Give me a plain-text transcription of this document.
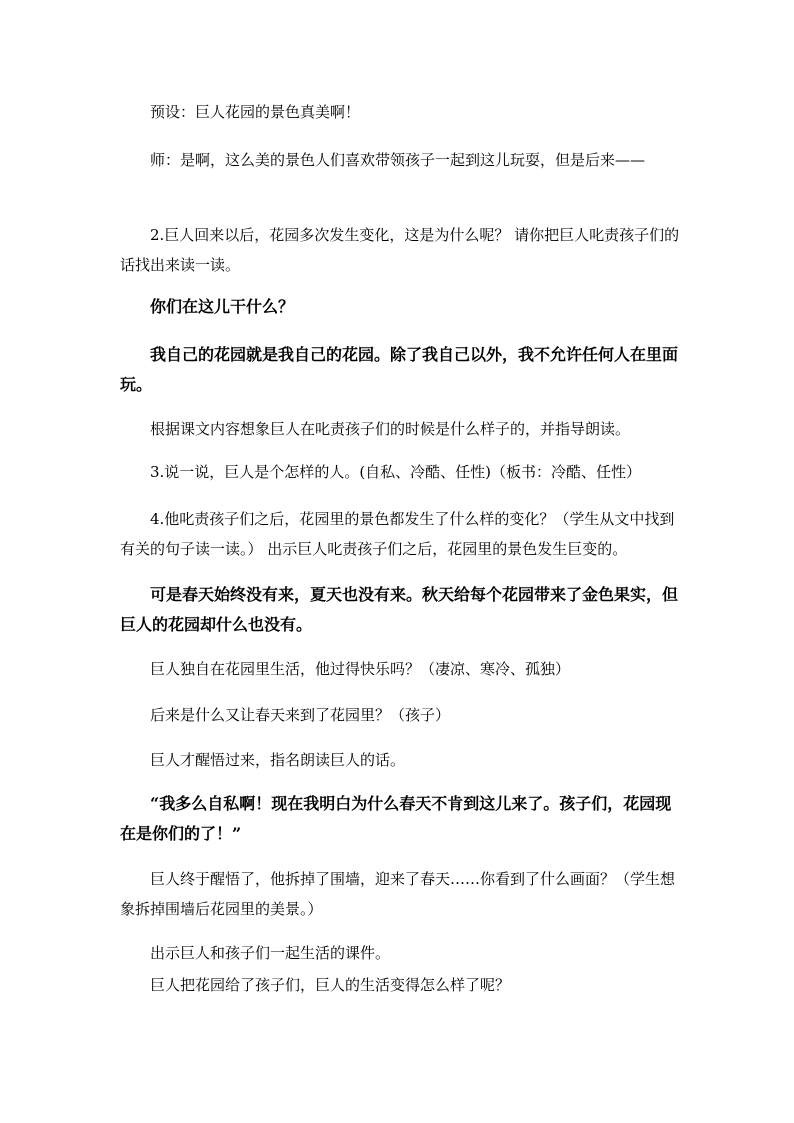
预设：巨人花园的景色真美啊！
师：是啊，这么美的景色人们喜欢带领孩子一起到这儿玩耍，但是后来——
2.巨人回来以后，花园多次发生变化，这是为什么呢？ 请你把巨人叱责孩子们的话找出来读一读。
你们在这儿干什么？
我自己的花园就是我自己的花园。除了我自己以外，我不允许任何人在里面玩。
根据课文内容想象巨人在叱责孩子们的时候是什么样子的，并指导朗读。
3.说一说，巨人是个怎样的人。(自私、冷酷、任性)（板书：冷酷、任性）
4.他叱责孩子们之后，花园里的景色都发生了什么样的变化？（学生从文中找到有关的句子读一读。） 出示巨人叱责孩子们之后，花园里的景色发生巨变的。
可是春天始终没有来，夏天也没有来。秋天给每个花园带来了金色果实，但巨人的花园却什么也没有。
巨人独自在花园里生活，他过得快乐吗？（凄凉、寒冷、孤独）
后来是什么又让春天来到了花园里？（孩子）
巨人才醒悟过来，指名朗读巨人的话。
“我多么自私啊！现在我明白为什么春天不肯到这儿来了。孩子们，花园现在是你们的了！”
巨人终于醒悟了，他拆掉了围墙，迎来了春天……你看到了什么画面？（学生想象拆掉围墙后花园里的美景。）
出示巨人和孩子们一起生活的课件。
巨人把花园给了孩子们，巨人的生活变得怎么样了呢？
